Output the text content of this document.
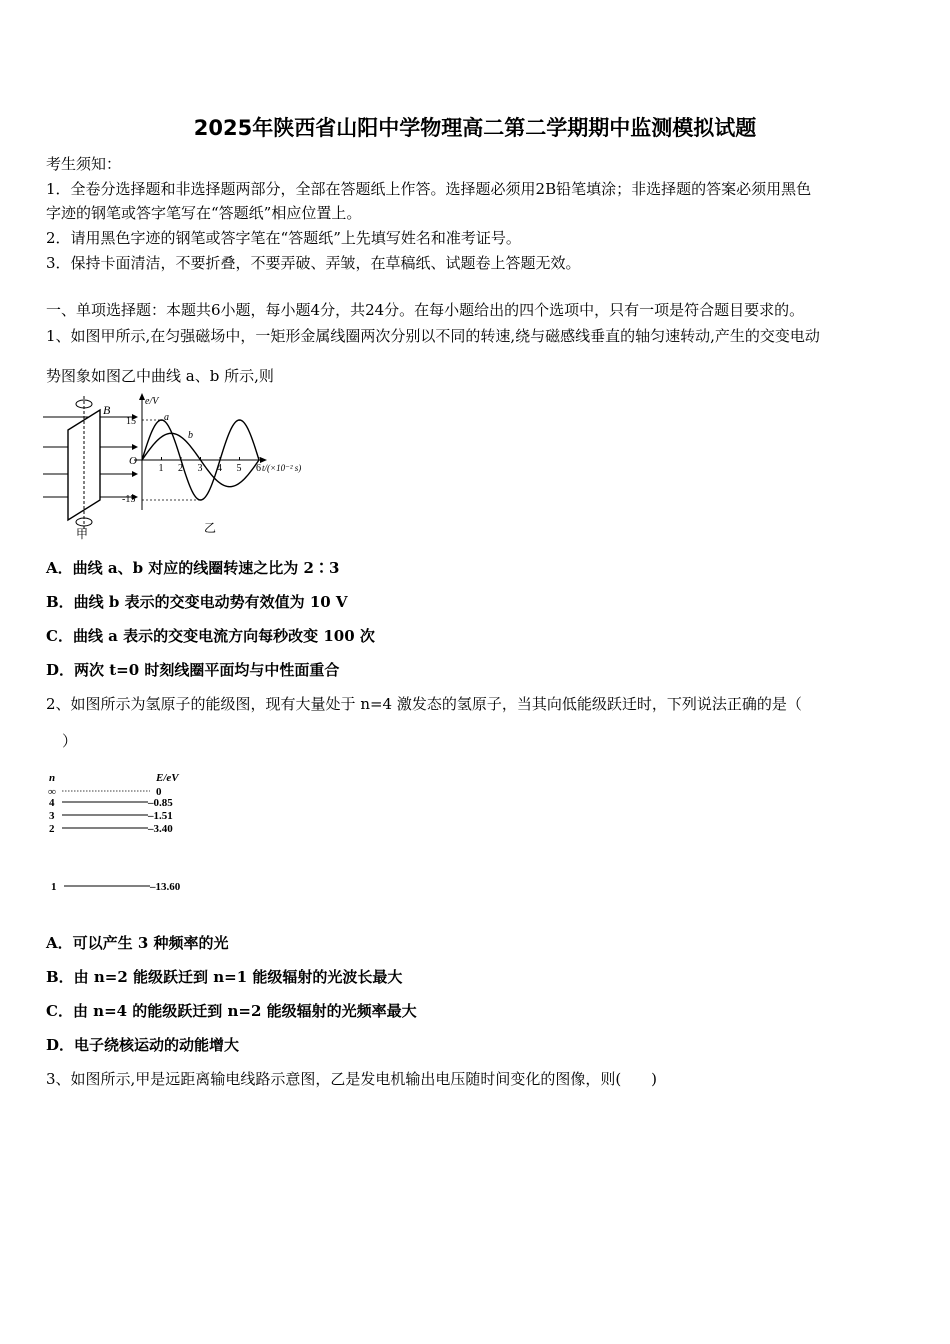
2025年陕西省山阳中学物理高二第二学期期中监测模拟试题
考生须知：
1．全卷分选择题和非选择题两部分，全部在答题纸上作答。选择题必须用2B铅笔填涂；非选择题的答案必须用黑色
字迹的钢笔或答字笔写在“答题纸”相应位置上。
2．请用黑色字迹的钢笔或答字笔在“答题纸”上先填写姓名和准考证号。
3．保持卡面清洁，不要折叠，不要弄破、弄皱，在草稿纸、试题卷上答题无效。
一、单项选择题：本题共6小题，每小题4分，共24分。在每小题给出的四个选项中，只有一项是符合题目要求的。
1、如图甲所示,在匀强磁场中，一矩形金属线圈两次分别以不同的转速,绕与磁感线垂直的轴匀速转动,产生的交变电动
势图象如图乙中曲线 a、b 所示,则
B
甲
1 2 3 4 5 6
e/V
t/(×10⁻² s)
O
15
-15
a
b
乙
A．曲线 a、b 对应的线圈转速之比为 2∶3
B．曲线 b 表示的交变电动势有效值为 10 V
C．曲线 a 表示的交变电流方向每秒改变 100 次
D．两次 t=0 时刻线圈平面均与中性面重合
2、如图所示为氢原子的能级图，现有大量处于 n=4 激发态的氢原子，当其向低能级跃迁时，下列说法正确的是（
）
n	E/eV
∞	0
4	–0.85
3	–1.51
2	–3.40
1	–13.60
A．可以产生 3 种频率的光
B．由 n=2 能级跃迁到 n=1 能级辐射的光波长最大
C．由 n=4 的能级跃迁到 n=2 能级辐射的光频率最大
D．电子绕核运动的动能增大
3、如图所示,甲是远距离输电线路示意图，乙是发电机输出电压随时间变化的图像，则(　　)
